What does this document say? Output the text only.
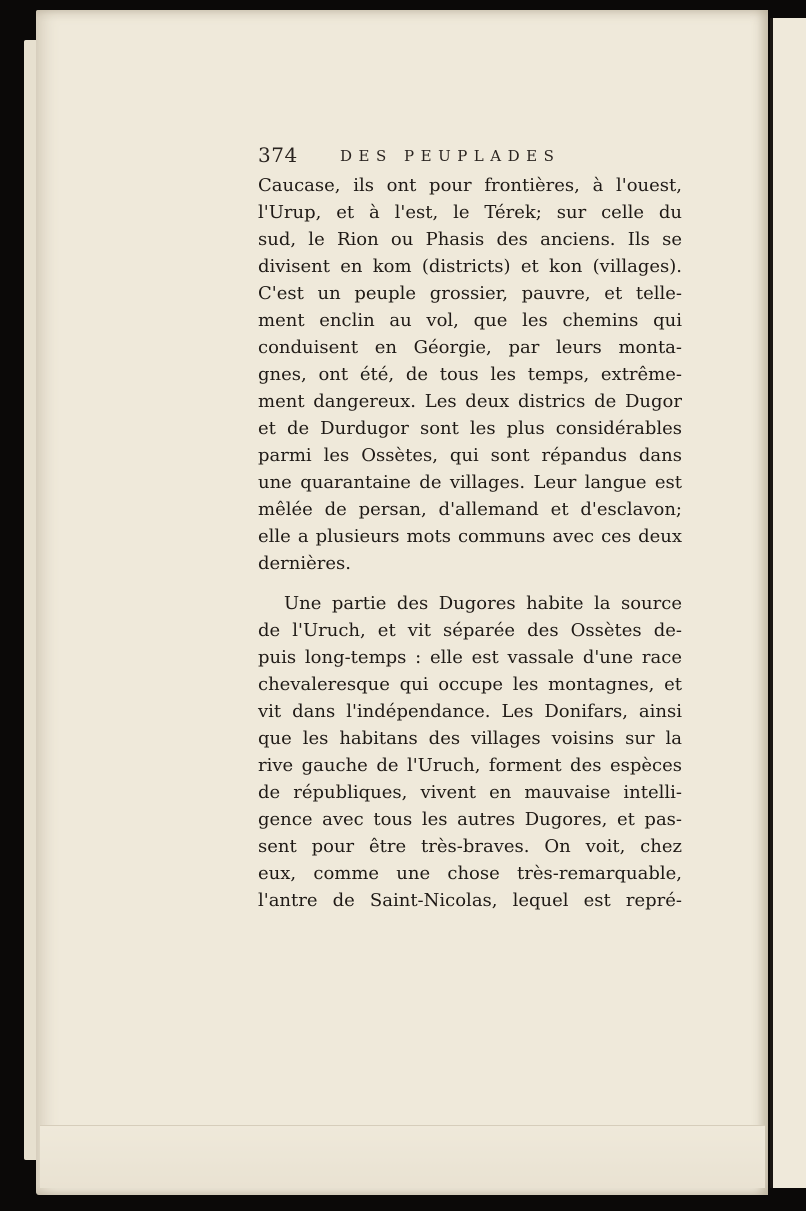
374	DES PEUPLADES
Caucase, ils ont pour frontières, à l'ouest,
l'Urup, et à l'est, le Térek; sur celle du
sud, le Rion ou Phasis des anciens. Ils se
divisent en kom (districts) et kon (villages).
C'est un peuple grossier, pauvre, et telle-
ment enclin au vol, que les chemins qui
conduisent en Géorgie, par leurs monta-
gnes, ont été, de tous les temps, extrême-
ment dangereux. Les deux districs de Dugor
et de Durdugor sont les plus considérables
parmi les Ossètes, qui sont répandus dans
une quarantaine de villages. Leur langue est
mêlée de persan, d'allemand et d'esclavon;
elle a plusieurs mots communs avec ces deux
dernières.
Une partie des Dugores habite la source
de l'Uruch, et vit séparée des Ossètes de-
puis long-temps : elle est vassale d'une race
chevaleresque qui occupe les montagnes, et
vit dans l'indépendance. Les Donifars, ainsi
que les habitans des villages voisins sur la
rive gauche de l'Uruch, forment des espèces
de républiques, vivent en mauvaise intelli-
gence avec tous les autres Dugores, et pas-
sent pour être très-braves. On voit, chez
eux, comme une chose très-remarquable,
l'antre de Saint-Nicolas, lequel est repré-
